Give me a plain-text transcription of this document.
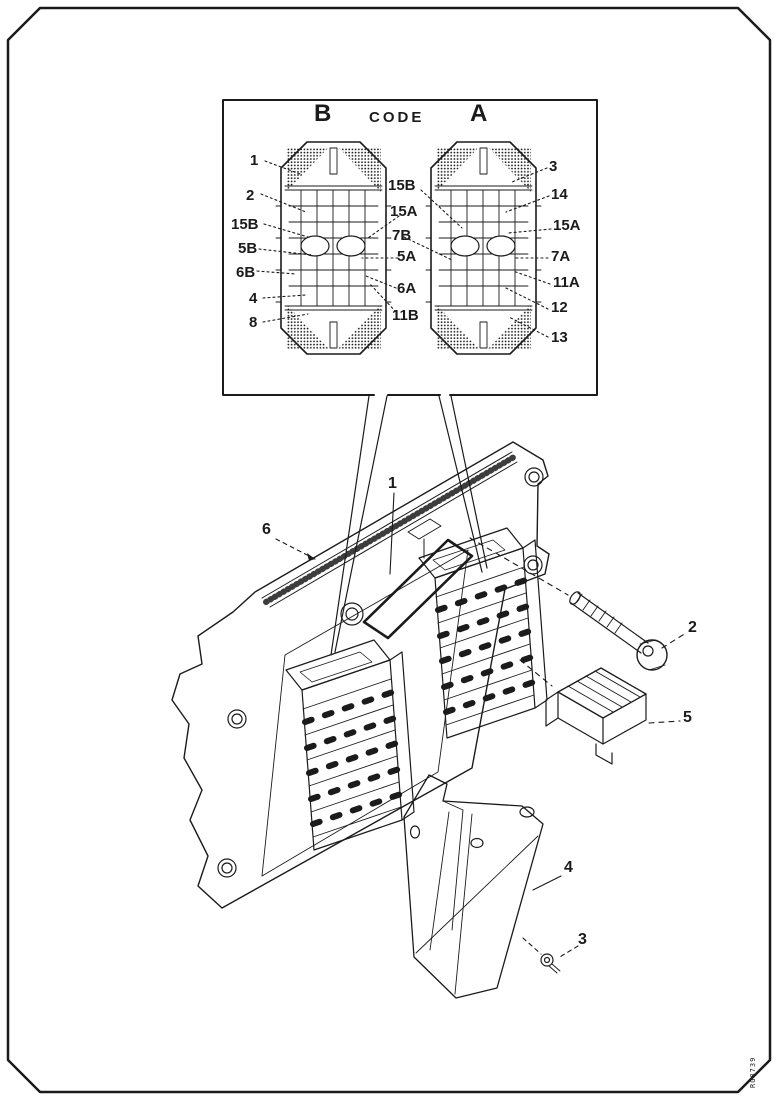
B CODE A
1
2
15B
5B
6B
4
8
15B
15A
7B
5A
6A
11B
3
14
15A
7A
11A
12
13
1
2
3
4
5
6
RG8739
